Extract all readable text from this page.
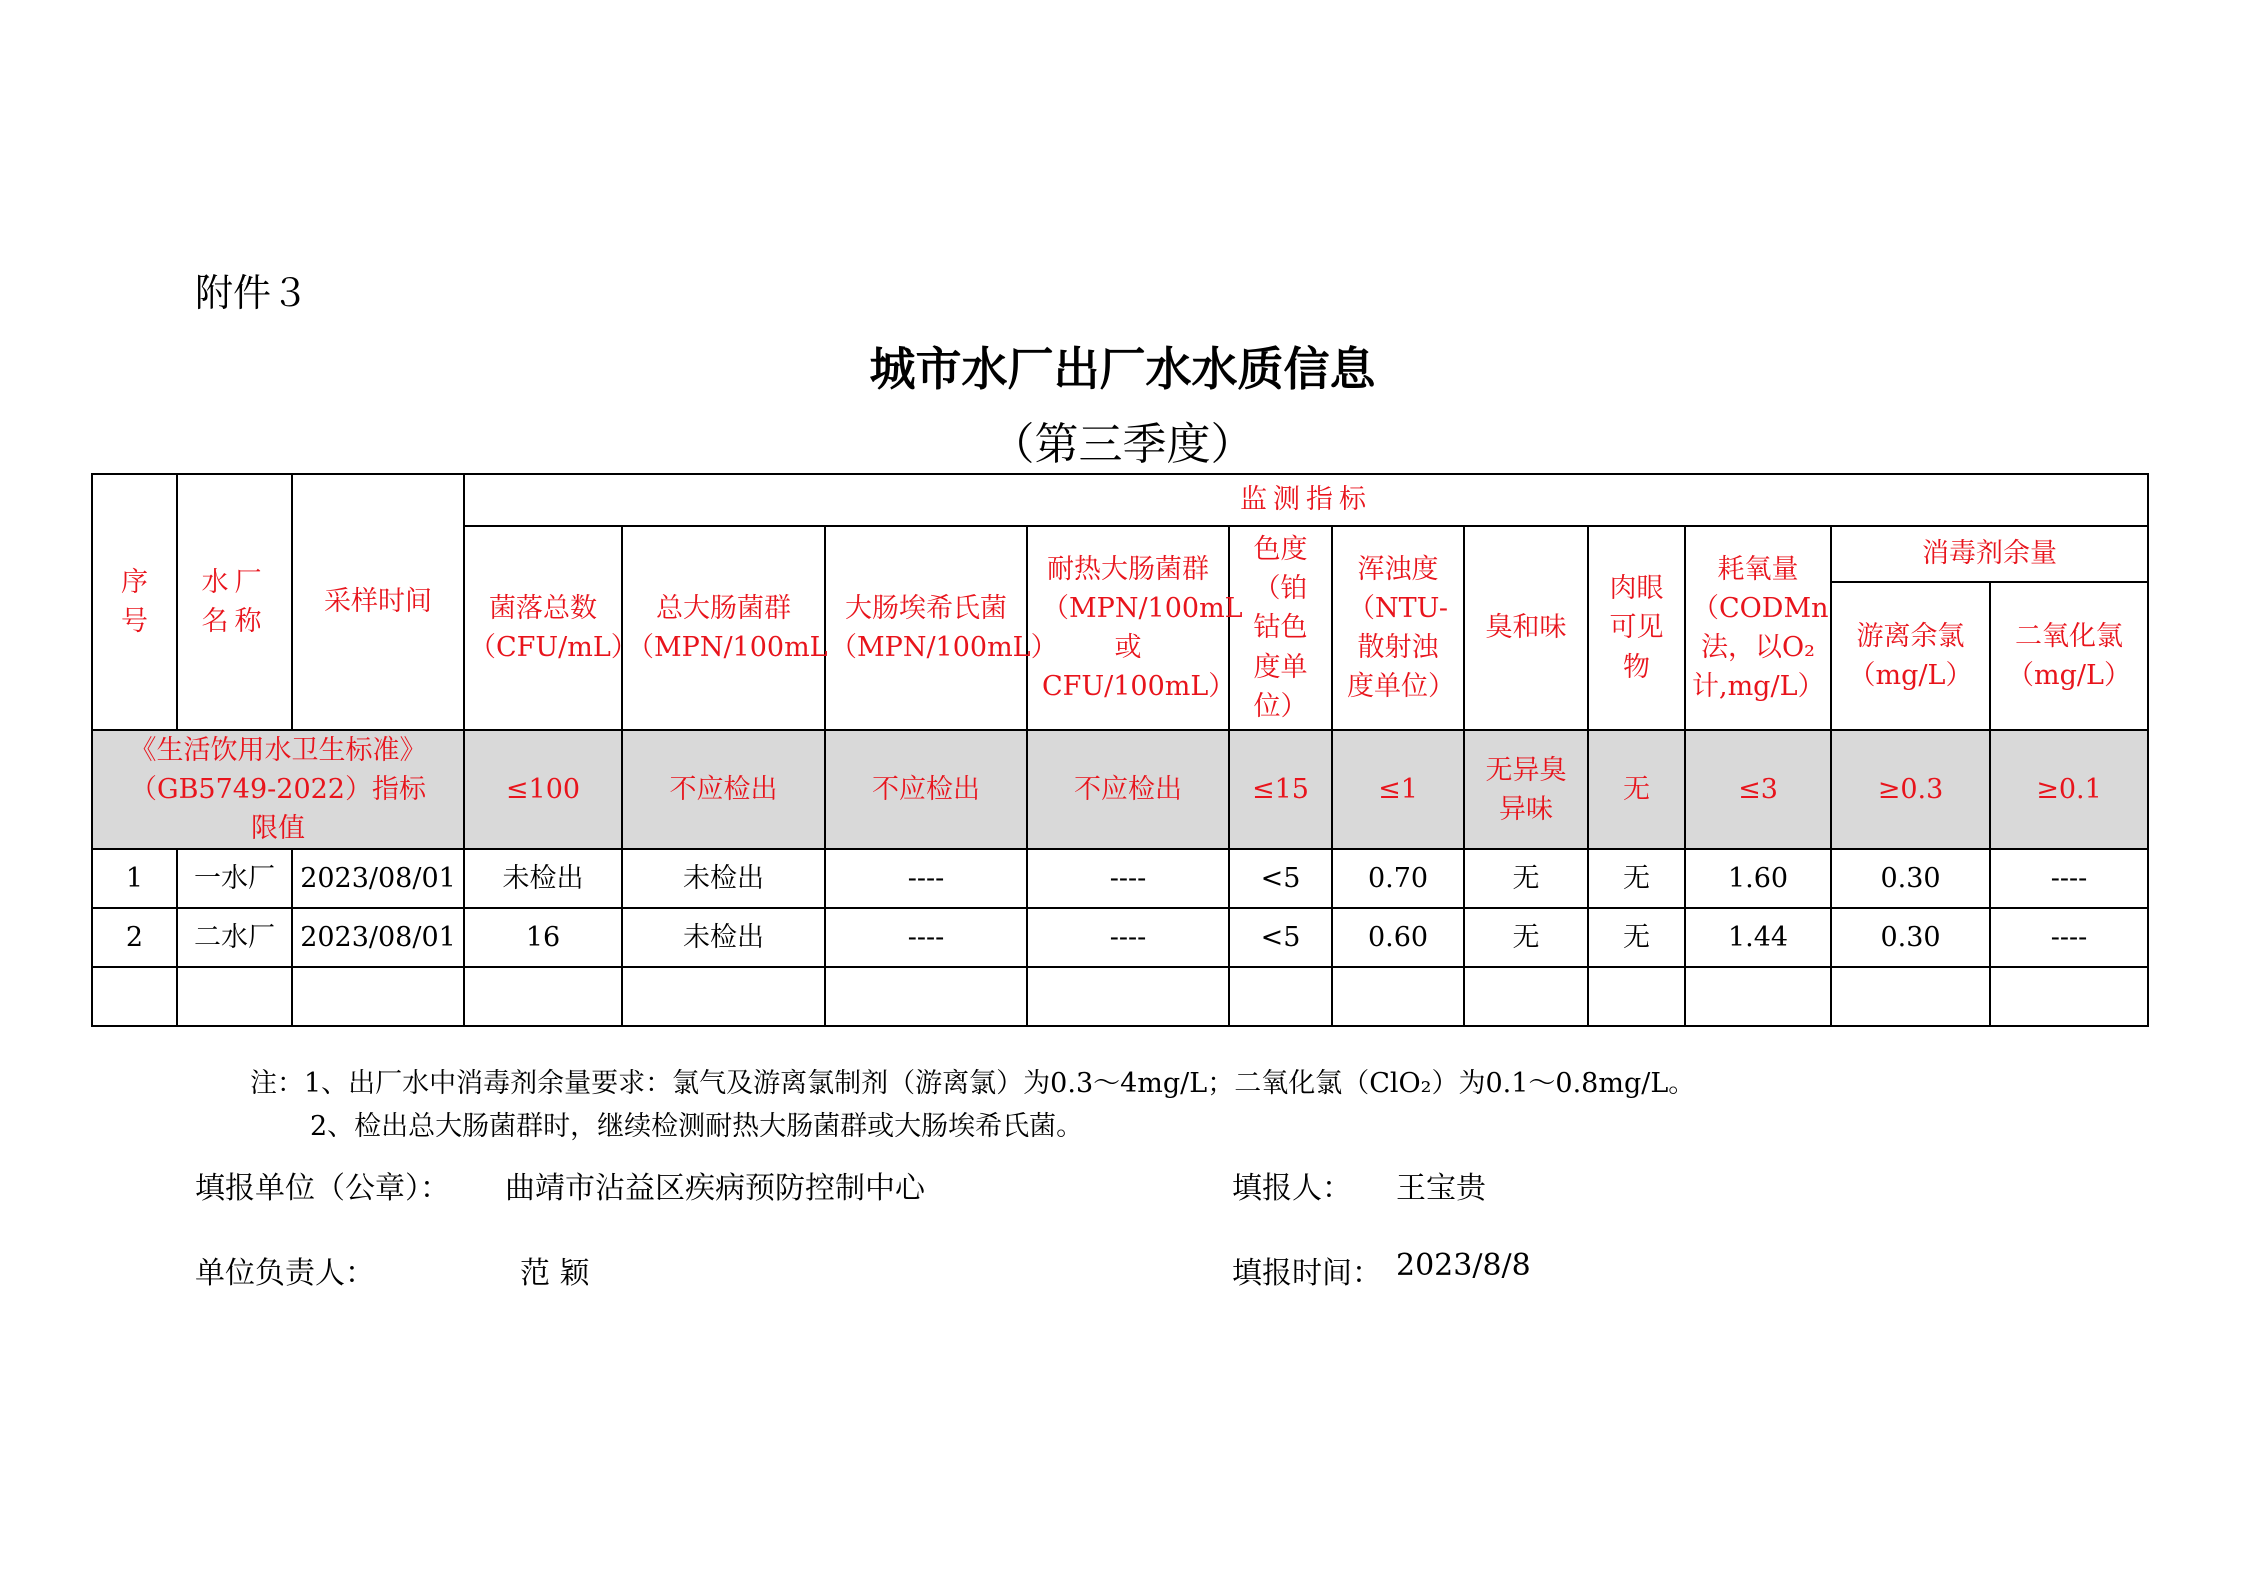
附件３
城市水厂出厂水水质信息
（第三季度）
序号	水厂名称	采样时间	监测指标										
			菌落总数（CFU/mL）	总大肠菌群（MPN/100mL	大肠埃希氏菌（MPN/100mL）	耐热大肠菌群（MPN/100mL或CFU/100mL）	色度（铂钴色度单位）	浑浊度（NTU-散射浊度单位）	臭和味	肉眼可见物	耗氧量（CODMn法，以O₂计,mg/L）	消毒剂余量	
												游离余氯（mg/L）	二氧化氯（mg/L）
《生活饮用水卫生标准》（GB5749-2022）指标限值			≤100	不应检出	不应检出	不应检出	≤15	≤1	无异臭异味	无	≤3	≥0.3	≥0.1
1	一水厂	2023/08/01	未检出	未检出	----	----	<5	0.70	无	无	1.60	0.30	----
2	二水厂	2023/08/01	16	未检出	----	----	<5	0.60	无	无	1.44	0.30	----

注：1、出厂水中消毒剂余量要求：氯气及游离氯制剂（游离氯）为0.3～4mg/L；二氧化氯（ClO₂）为0.1～0.8mg/L。
2、检出总大肠菌群时，继续检测耐热大肠菌群或大肠埃希氏菌。
填报单位（公章）： 曲靖市沾益区疾病预防控制中心	填报人： 王宝贵
单位负责人：	范 颖	填报时间： 2023/8/8
